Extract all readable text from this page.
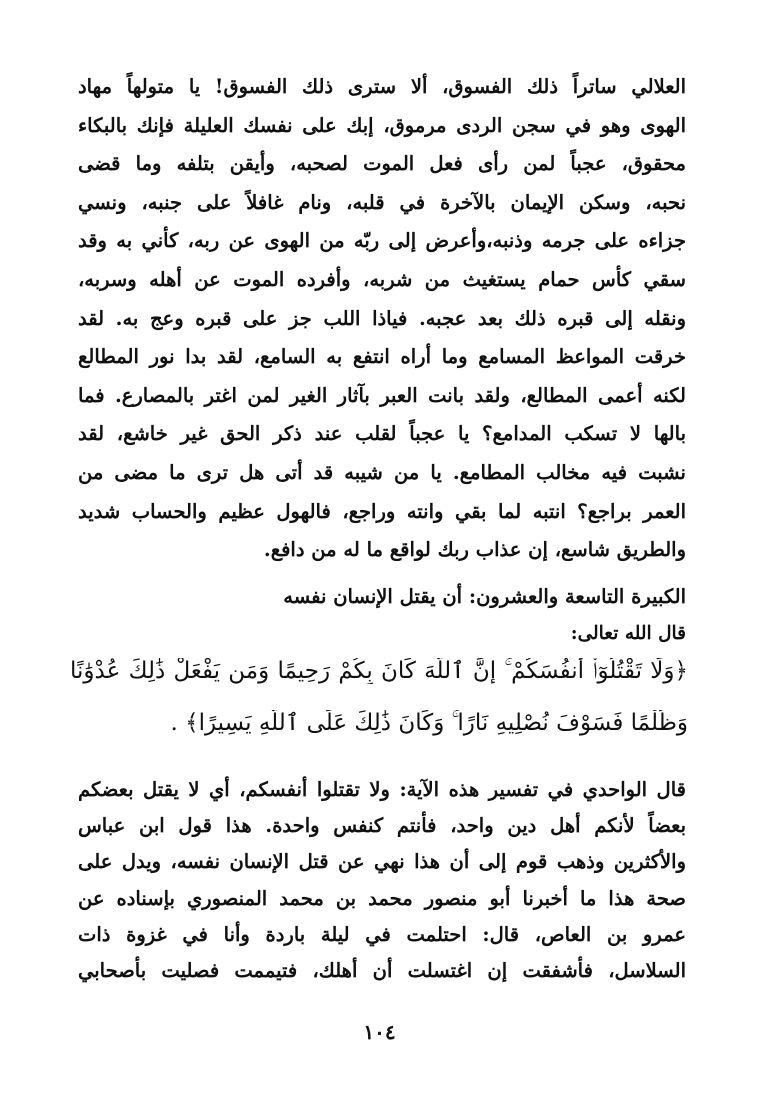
العلالي ساتراً ذلك الفسوق، ألا سترى ذلك الفسوق! يا متولهاً مهاد
الهوى وهو في سجن الردى مرموق، إبك على نفسك العليلة فإنك بالبكاء
محقوق، عجباً لمن رأى فعل الموت لصحبه، وأيقن بتلفه وما قضى
نحبه، وسكن الإيمان بالآخرة في قلبه، ونام غافلاً على جنبه، ونسي
جزاءه على جرمه وذنبه،وأعرض إلى ربّه من الهوى عن ربه، كأني به وقد
سقي كأس حمام يستغيث من شربه، وأفرده الموت عن أهله وسربه،
ونقله إلى قبره ذلك بعد عجبه. فياذا اللب جز على قبره وعج به. لقد
خرقت المواعظ المسامع وما أراه انتفع به السامع، لقد بدا نور المطالع
لكنه أعمى المطالع، ولقد بانت العبر بآثار الغير لمن اغتر بالمصارع. فما
بالها لا تسكب المدامع؟ يا عجباً لقلب عند ذكر الحق غير خاشع، لقد
نشبت فيه مخالب المطامع. يا من شيبه قد أتى هل ترى ما مضى من
العمر براجع؟ انتبه لما بقي وانته وراجع، فالهول عظيم والحساب شديد
والطريق شاسع، إن عذاب ربك لواقع ما له من دافع.
الكبيرة التاسعة والعشرون: أن يقتل الإنسان نفسه
قال الله تعالى:
﴿وَلَا تَقْتُلُوٓا۟ أَنفُسَكُمْ ۚ إِنَّ ٱللَّهَ كَانَ بِكُمْ رَحِيمًا وَمَن يَفْعَلْ ذَٰلِكَ عُدْوَٰنًا
وَظُلْمًا فَسَوْفَ نُصْلِيهِ نَارًا ۚ وَكَانَ ذَٰلِكَ عَلَى ٱللَّهِ يَسِيرًا﴾ .
قال الواحدي في تفسير هذه الآية: ولا تقتلوا أنفسكم، أي لا يقتل بعضكم
بعضاً لأنكم أهل دين واحد، فأنتم كنفس واحدة. هذا قول ابن عباس
والأكثرين وذهب قوم إلى أن هذا نهي عن قتل الإنسان نفسه، ويدل على
صحة هذا ما أخبرنا أبو منصور محمد بن محمد المنصوري بإسناده عن
عمرو بن العاص، قال: احتلمت في ليلة باردة وأنا في غزوة ذات
السلاسل، فأشفقت إن اغتسلت أن أهلك، فتيممت فصليت بأصحابي
١٠٤
